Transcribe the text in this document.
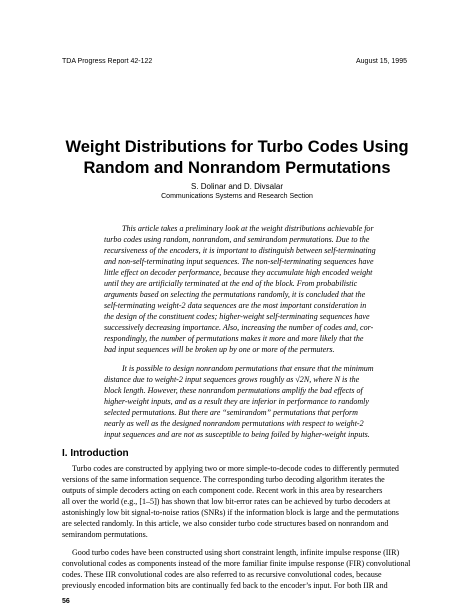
TDA Progress Report 42-122	August 15, 1995
Weight Distributions for Turbo Codes Using
Random and Nonrandom Permutations
S. Dolinar and D. Divsalar
Communications Systems and Research Section
This article takes a preliminary look at the weight distributions achievable for
turbo codes using random, nonrandom, and semirandom permutations. Due to the
recursiveness of the encoders, it is important to distinguish between self-terminating
and non-self-terminating input sequences. The non-self-terminating sequences have
little effect on decoder performance, because they accumulate high encoded weight
until they are artificially terminated at the end of the block. From probabilistic
arguments based on selecting the permutations randomly, it is concluded that the
self-terminating weight-2 data sequences are the most important consideration in
the design of the constituent codes; higher-weight self-terminating sequences have
successively decreasing importance. Also, increasing the number of codes and, cor-
respondingly, the number of permutations makes it more and more likely that the
bad input sequences will be broken up by one or more of the permuters.
It is possible to design nonrandom permutations that ensure that the minimum
distance due to weight-2 input sequences grows roughly as √2N, where N is the
block length. However, these nonrandom permutations amplify the bad effects of
higher-weight inputs, and as a result they are inferior in performance to randomly
selected permutations. But there are “semirandom” permutations that perform
nearly as well as the designed nonrandom permutations with respect to weight-2
input sequences and are not as susceptible to being foiled by higher-weight inputs.
I. Introduction
Turbo codes are constructed by applying two or more simple-to-decode codes to differently permuted
versions of the same information sequence. The corresponding turbo decoding algorithm iterates the
outputs of simple decoders acting on each component code. Recent work in this area by researchers
all over the world (e.g., [1–5]) has shown that low bit-error rates can be achieved by turbo decoders at
astonishingly low bit signal-to-noise ratios (SNRs) if the information block is large and the permutations
are selected randomly. In this article, we also consider turbo code structures based on nonrandom and
semirandom permutations.
Good turbo codes have been constructed using short constraint length, infinite impulse response (IIR)
convolutional codes as components instead of the more familiar finite impulse response (FIR) convolutional
codes. These IIR convolutional codes are also referred to as recursive convolutional codes, because
previously encoded information bits are continually fed back to the encoder’s input. For both IIR and
56
